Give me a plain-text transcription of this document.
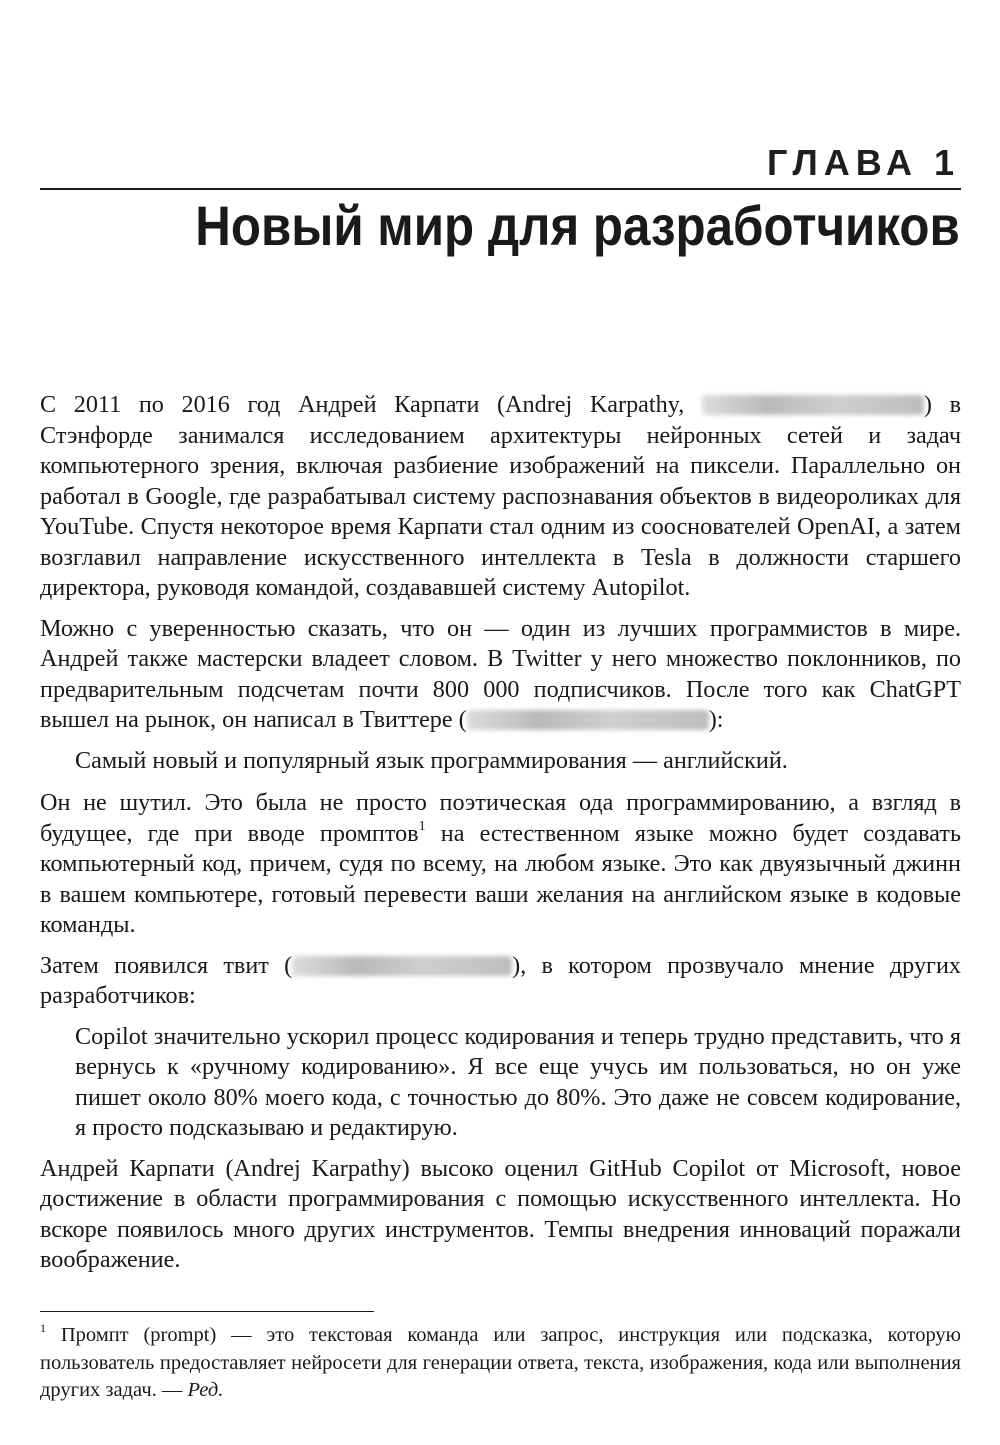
ГЛАВА 1
Новый мир для разработчиков

С 2011 по 2016 год Андрей Карпати (Andrej Karpathy,	) в Стэнфорде занимался исследованием архитектуры нейронных сетей и задач компьютерного зрения, включая разбиение изображений на пиксели. Параллельно он работал в Google, где разрабатывал систему распознавания объектов в видеороликах для YouTube. Спустя некоторое время Карпати стал одним из сооснователей OpenAI, а затем возглавил направление искусственного интеллекта в Tesla в должности старшего директора, руководя командой, создававшей систему Autopilot.

Можно с уверенностью сказать, что он — один из лучших программистов в мире. Андрей также мастерски владеет словом. В Twitter у него множество поклонников, по предварительным подсчетам почти 800 000 подписчиков. После того как ChatGPT вышел на рынок, он написал в Твиттере (	):

Самый новый и популярный язык программирования — английский.

Он не шутил. Это была не просто поэтическая ода программированию, а взгляд в будущее, где при вводе промптов$^1$ на естественном языке можно будет создавать компьютерный код, причем, судя по всему, на любом языке. Это как двуязычный джинн в вашем компьютере, готовый перевести ваши желания на английском языке в кодовые команды.

Затем появился твит (	), в котором прозвучало мнение других разработчиков:

Copilot значительно ускорил процесс кодирования и теперь трудно представить, что я вернусь к «ручному кодированию». Я все еще учусь им пользоваться, но он уже пишет около 80% моего кода, с точностью до 80%. Это даже не совсем кодирование, я просто подсказываю и редактирую.

Андрей Карпати (Andrej Karpathy) высоко оценил GitHub Copilot от Microsoft, новое достижение в области программирования с помощью искусственного интеллекта. Но вскоре появилось много других инструментов. Темпы внедрения инноваций поражали воображение.

$^1$ Промпт (prompt) — это текстовая команда или запрос, инструкция или подсказка, которую пользователь предоставляет нейросети для генерации ответа, текста, изображения, кода или выполнения других задач. — Ред.
